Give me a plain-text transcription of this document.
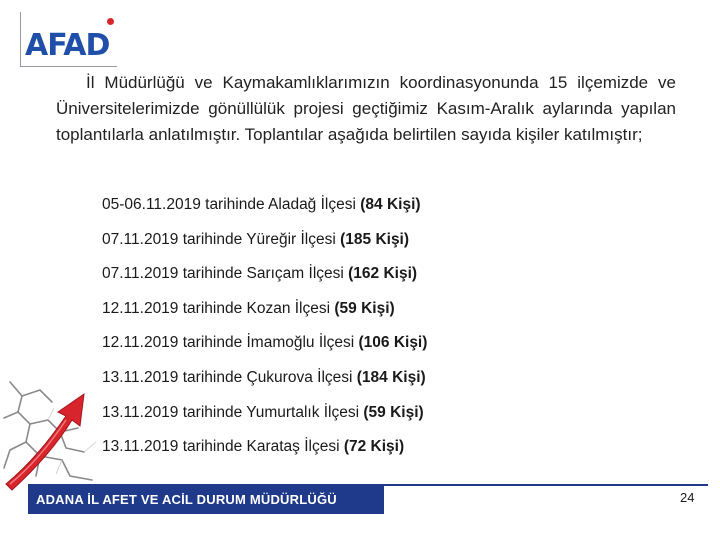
AFAD
İl Müdürlüğü ve Kaymakamlıklarımızın koordinasyonunda 15 ilçemizde ve Üniversitelerimizde gönüllülük projesi geçtiğimiz Kasım-Aralık aylarında yapılan toplantılarla anlatılmıştır. Toplantılar aşağıda belirtilen sayıda kişiler katılmıştır;
05-06.11.2019 tarihinde Aladağ İlçesi (84 Kişi)
07.11.2019 tarihinde Yüreğir İlçesi (185 Kişi)
07.11.2019 tarihinde Sarıçam İlçesi (162 Kişi)
12.11.2019 tarihinde Kozan İlçesi (59 Kişi)
12.11.2019 tarihinde İmamoğlu İlçesi (106 Kişi)
13.11.2019 tarihinde Çukurova İlçesi (184 Kişi)
13.11.2019 tarihinde Yumurtalık İlçesi (59 Kişi)
13.11.2019 tarihinde Karataş İlçesi (72 Kişi)
ADANA İL AFET VE ACİL DURUM MÜDÜRLÜĞÜ	24
